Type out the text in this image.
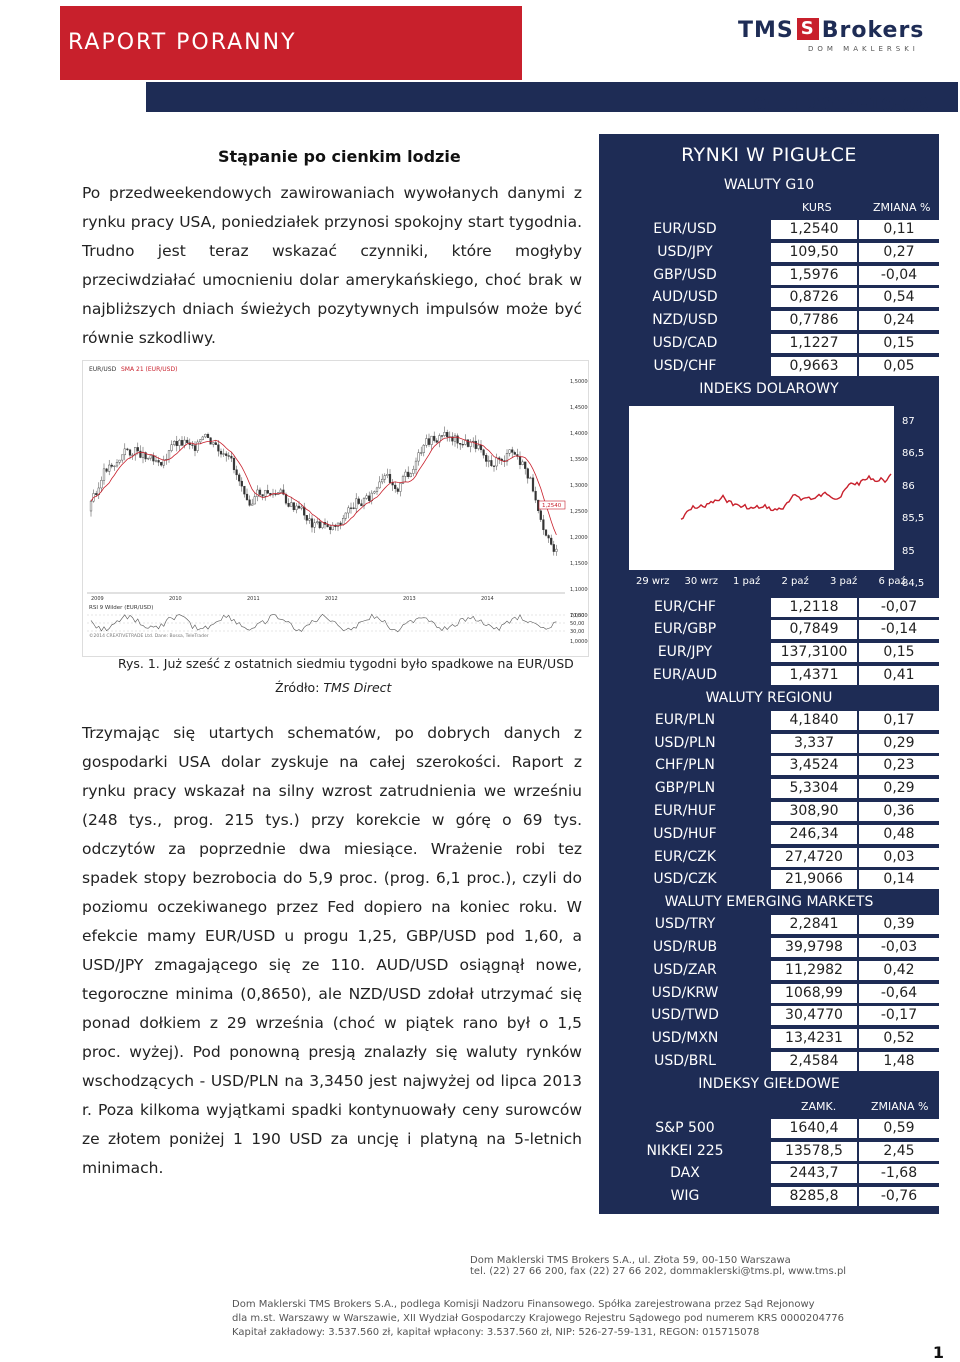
RAPORT PORANNY	TMS S Brokers
DOM MAKLERSKI
10:11 2014-10-06
Stąpanie po cienkim lodzie
Po przedweekendowych zawirowaniach wywołanych danymi z rynku pracy USA, poniedziałek przynosi spokojny start tygodnia. Trudno jest teraz wskazać czynniki, które mogłyby przeciwdziałać umocnieniu dolar amerykańskiego, choć brak w najbliższych dniach świeżych pozytywnych impulsów może być równie szkodliwy.
EUR/USD SMA 21 (EUR/USD)
1,5000
1,4500
1,4000
1,3500
1,3000
1,2500
1,2000
1,1500
1,1000
1,0500
1,0000
2009	2010	2011	2012	2013	2014
1,2540
RSI 9 Wilder (EUR/USD)
70,00
50,00
30,00
©2014 CREATIVETRADE Ltd. Dane: Bossa, TeleTrader
Rys. 1. Już sześć z ostatnich siedmiu tygodni było spadkowe na EUR/USD
Źródło: TMS Direct
Trzymając się utartych schematów, po dobrych danych z gospodarki USA dolar zyskuje na całej szerokości. Raport z rynku pracy wskazał na silny wzrost zatrudnienia we wrześniu (248 tys., prog. 215 tys.) przy korekcie w górę o 69 tys. odczytów za poprzednie dwa miesiące. Wrażenie robi tez spadek stopy bezrobocia do 5,9 proc. (prog. 6,1 proc.), czyli do poziomu oczekiwanego przez Fed dopiero na koniec roku. W efekcie mamy EUR/USD u progu 1,25, GBP/USD pod 1,60, a USD/JPY zmagającego się ze 110. AUD/USD osiągnął nowe, tegoroczne minima (0,8650), ale NZD/USD zdołał utrzymać się ponad dołkiem z 29 września (choć w piątek rano był o 1,5 proc. wyżej). Pod ponowną presją znalazły się waluty rynków wschodzących - USD/PLN na 3,3450 jest najwyżej od lipca 2013 r. Poza kilkoma wyjątkami spadki kontynuowały ceny surowców ze złotem poniżej 1 190 USD za uncję i platyną na 5-letnich minimach.
RYNKI W PIGUŁCE
WALUTY G10
KURS	ZMIANA %
EUR/USD	1,2540	0,11
USD/JPY	109,50	0,27
GBP/USD	1,5976	-0,04
AUD/USD	0,8726	0,54
NZD/USD	0,7786	0,24
USD/CAD	1,1227	0,15
USD/CHF	0,9663	0,05
INDEKS DOLAROWY
87
86,5
86
85,5
85
84,5
29 wrz 30 wrz 1 paź 2 paź 3 paź 6 paź
EUR/CHF	1,2118	-0,07
EUR/GBP	0,7849	-0,14
EUR/JPY	137,3100	0,15
EUR/AUD	1,4371	0,41
WALUTY REGIONU
EUR/PLN	4,1840	0,17
USD/PLN	3,337	0,29
CHF/PLN	3,4524	0,23
GBP/PLN	5,3304	0,29
EUR/HUF	308,90	0,36
USD/HUF	246,34	0,48
EUR/CZK	27,4720	0,03
USD/CZK	21,9066	0,14
WALUTY EMERGING MARKETS
USD/TRY	2,2841	0,39
USD/RUB	39,9798	-0,03
USD/ZAR	11,2982	0,42
USD/KRW	1068,99	-0,64
USD/TWD	30,4770	-0,17
USD/MXN	13,4231	0,52
USD/BRL	2,4584	1,48
INDEKSY GIEŁDOWE
ZAMK.	ZMIANA %
S&P 500	1640,4	0,59
NIKKEI 225	13578,5	2,45
DAX	2443,7	-1,68
WIG	8285,8	-0,76
Dom Maklerski TMS Brokers S.A., ul. Złota 59, 00-150 Warszawa
tel. (22) 27 66 200, fax (22) 27 66 202, dommaklerski@tms.pl, www.tms.pl
Dom Maklerski TMS Brokers S.A., podlega Komisji Nadzoru Finansowego. Spółka zarejestrowana przez Sąd Rejonowy
dla m.st. Warszawy w Warszawie, XII Wydział Gospodarczy Krajowego Rejestru Sądowego pod numerem KRS 0000204776
Kapitał zakładowy: 3.537.560 zł, kapitał wpłacony: 3.537.560 zł, NIP: 526-27-59-131, REGON: 015715078
1
